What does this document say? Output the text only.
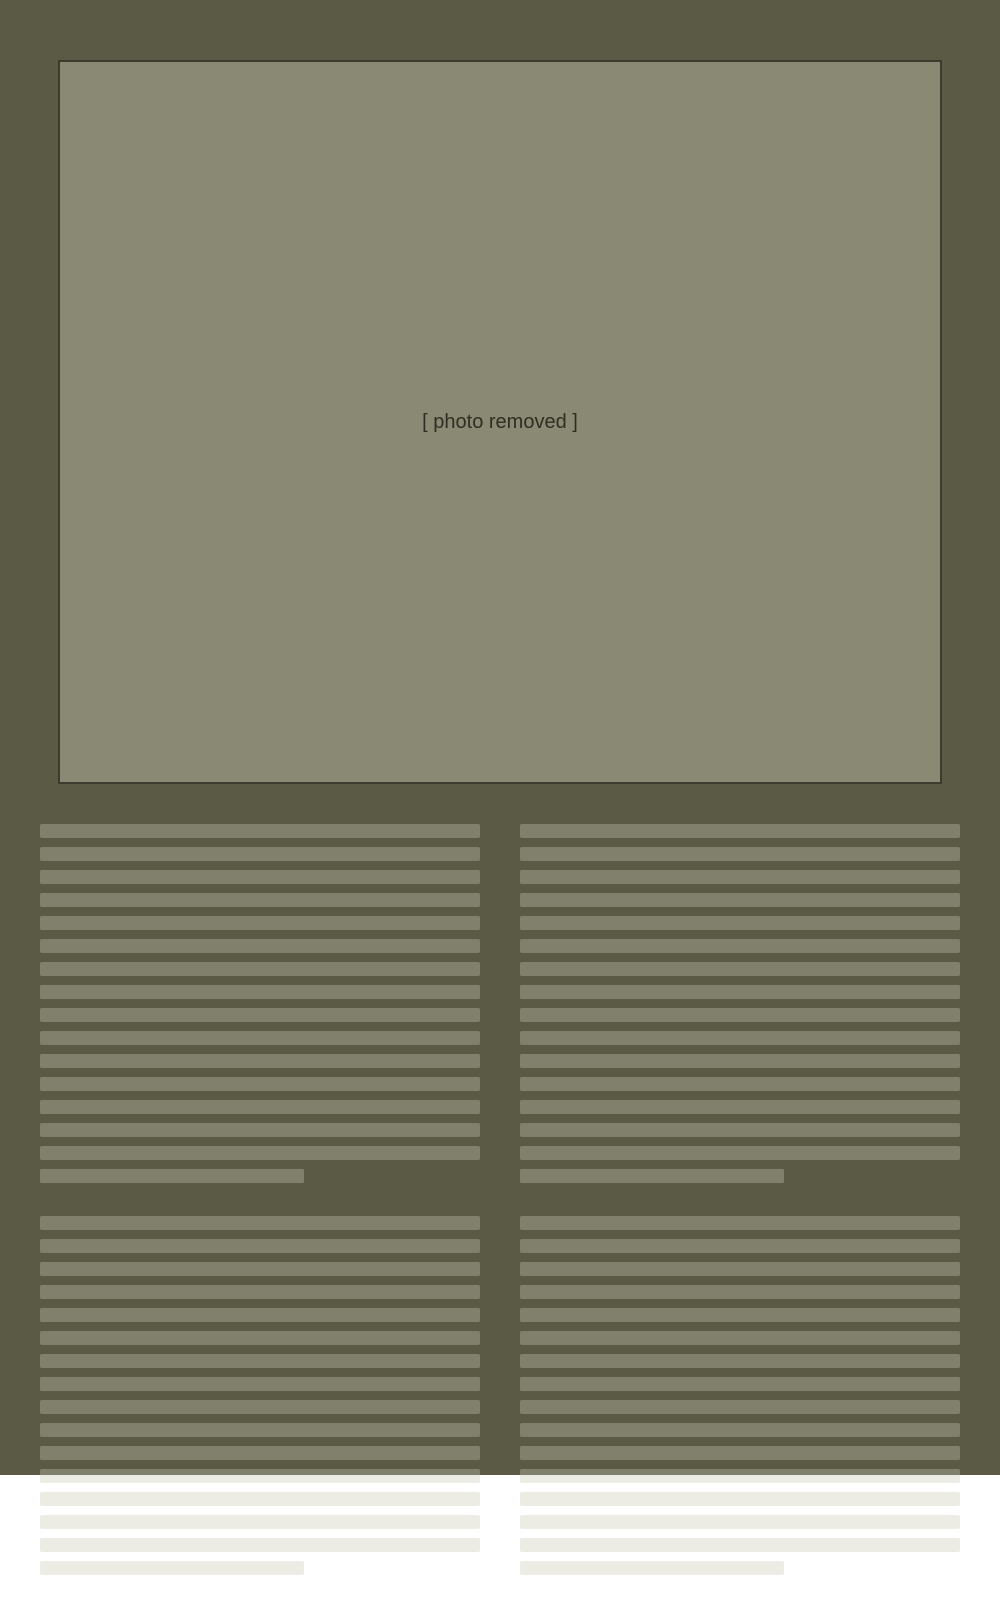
[ photo removed ]
